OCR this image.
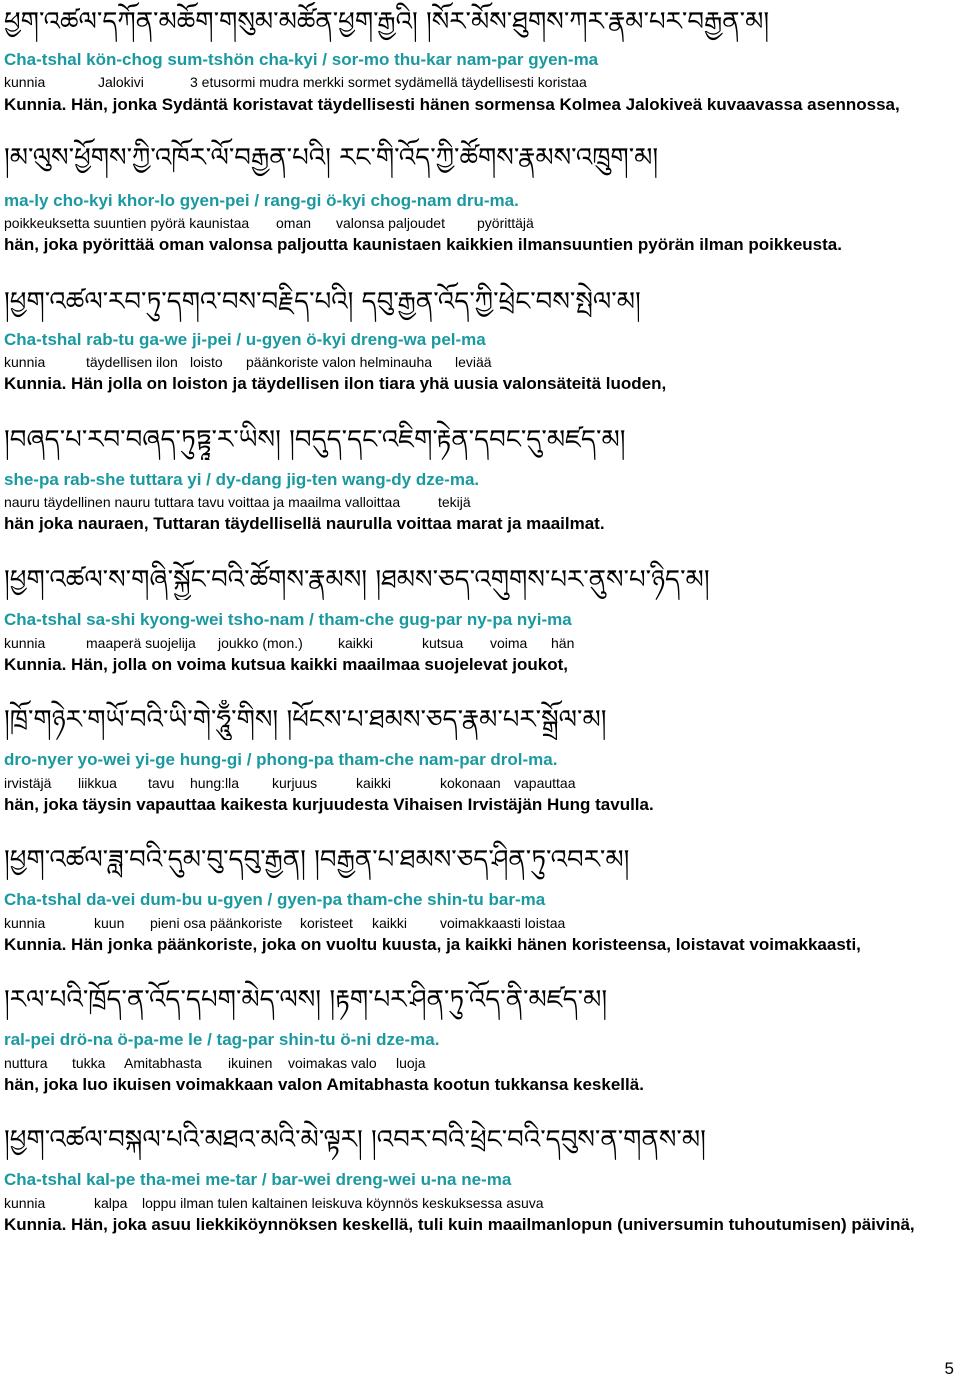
ཕྱག་འཚལ་དཀོན་མཆོག་གསུམ་མཚོན་ཕྱག་རྒྱའི། །སོར་མོས་ཐུགས་ཀར་རྣམ་པར་བརྒྱན་མ།
Cha-tshal kön-chog sum-tshön cha-kyi / sor-mo thu-kar nam-par gyen-ma
kunnia	Jalokivi	3 etusormi mudra merkki sormet sydämellä täydellisesti koristaa
Kunnia. Hän, jonka Sydäntä koristavat täydellisesti hänen sormensa Kolmea Jalokiveä kuvaavassa asennossa,
།མ་ལུས་ཕྱོགས་ཀྱི་འཁོར་ལོ་བརྒྱན་པའི། རང་གི་འོད་ཀྱི་ཚོགས་རྣམས་འཁྲུག་མ།
ma-ly cho-kyi khor-lo gyen-pei / rang-gi ö-kyi chog-nam dru-ma.
poikkeuksetta suuntien pyörä kaunistaa oman valonsa paljoudet pyörittäjä
hän, joka pyörittää oman valonsa paljoutta kaunistaen kaikkien ilmansuuntien pyörän ilman poikkeusta.
།ཕྱག་འཚལ་རབ་ཏུ་དགའ་བས་བརྗིད་པའི། དབུ་རྒྱན་འོད་ཀྱི་ཕྲེང་བས་སྤེལ་མ།
Cha-tshal rab-tu ga-we ji-pei / u-gyen ö-kyi dreng-wa pel-ma
kunnia	täydellisen ilon loisto päänkoriste valon helminauha leviää
Kunnia. Hän jolla on loiston ja täydellisen ilon tiara yhä uusia valonsäteitä luoden,
།བཞད་པ་རབ་བཞད་ཏུཏྟཱ་ར་ཡིས། །བདུད་དང་འཇིག་རྟེན་དབང་དུ་མཛད་མ།
she-pa rab-she tuttara yi / dy-dang jig-ten wang-dy dze-ma.
nauru täydellinen nauru tuttara tavu voittaa ja maailma valloittaa	tekijä
hän joka nauraen, Tuttaran täydellisellä naurulla voittaa marat ja maailmat.
།ཕྱག་འཚལ་ས་གཞི་སྐྱོང་བའི་ཚོགས་རྣམས། །ཐམས་ཅད་འགུགས་པར་ནུས་པ་ཉིད་མ།
Cha-tshal sa-shi kyong-wei tsho-nam / tham-che gug-par ny-pa nyi-ma
kunnia	maaperä suojelija joukko (mon.)	kaikki	kutsua voima hän
Kunnia. Hän, jolla on voima kutsua kaikki maailmaa suojelevat joukot,
།ཁྲོ་གཉེར་གཡོ་བའི་ཡི་གེ་ཧཱུྃ་གིས། །ཕོངས་པ་ཐམས་ཅད་རྣམ་པར་སྒྲོལ་མ།
dro-nyer yo-wei yi-ge hung-gi / phong-pa tham-che nam-par drol-ma.
irvistäjä liikkua tavu hung:lla kurjuus	kaikki	kokonaan vapauttaa
hän, joka täysin vapauttaa kaikesta kurjuudesta Vihaisen Irvistäjän Hung tavulla.
།ཕྱག་འཚལ་ཟླ་བའི་དུམ་བུ་དབུ་རྒྱན། །བརྒྱན་པ་ཐམས་ཅད་ཤིན་ཏུ་འབར་མ།
Cha-tshal da-vei dum-bu u-gyen / gyen-pa tham-che shin-tu bar-ma
kunnia	kuun pieni osa päänkoriste koristeet kaikki voimakkaasti loistaa
Kunnia. Hän jonka päänkoriste, joka on vuoltu kuusta, ja kaikki hänen koristeensa, loistavat voimakkaasti,
།རལ་པའི་ཁྲོད་ན་འོད་དཔག་མེད་ལས། །རྟག་པར་ཤིན་ཏུ་འོད་ནི་མཛད་མ།
ral-pei drö-na ö-pa-me le / tag-par shin-tu ö-ni dze-ma.
nuttura tukka Amitabhasta ikuinen voimakas valo luoja
hän, joka luo ikuisen voimakkaan valon Amitabhasta kootun tukkansa keskellä.
།ཕྱག་འཚལ་བསྐལ་པའི་མཐའ་མའི་མེ་ལྟར། །འབར་བའི་ཕྲེང་བའི་དབུས་ན་གནས་མ།
Cha-tshal kal-pe tha-mei me-tar / bar-wei dreng-wei u-na ne-ma
kunnia	kalpa loppu ilman tulen kaltainen leiskuva köynnös keskuksessa asuva
Kunnia. Hän, joka asuu liekkiköynnöksen keskellä, tuli kuin maailmanlopun (universumin tuhoutumisen) päivinä,
5
